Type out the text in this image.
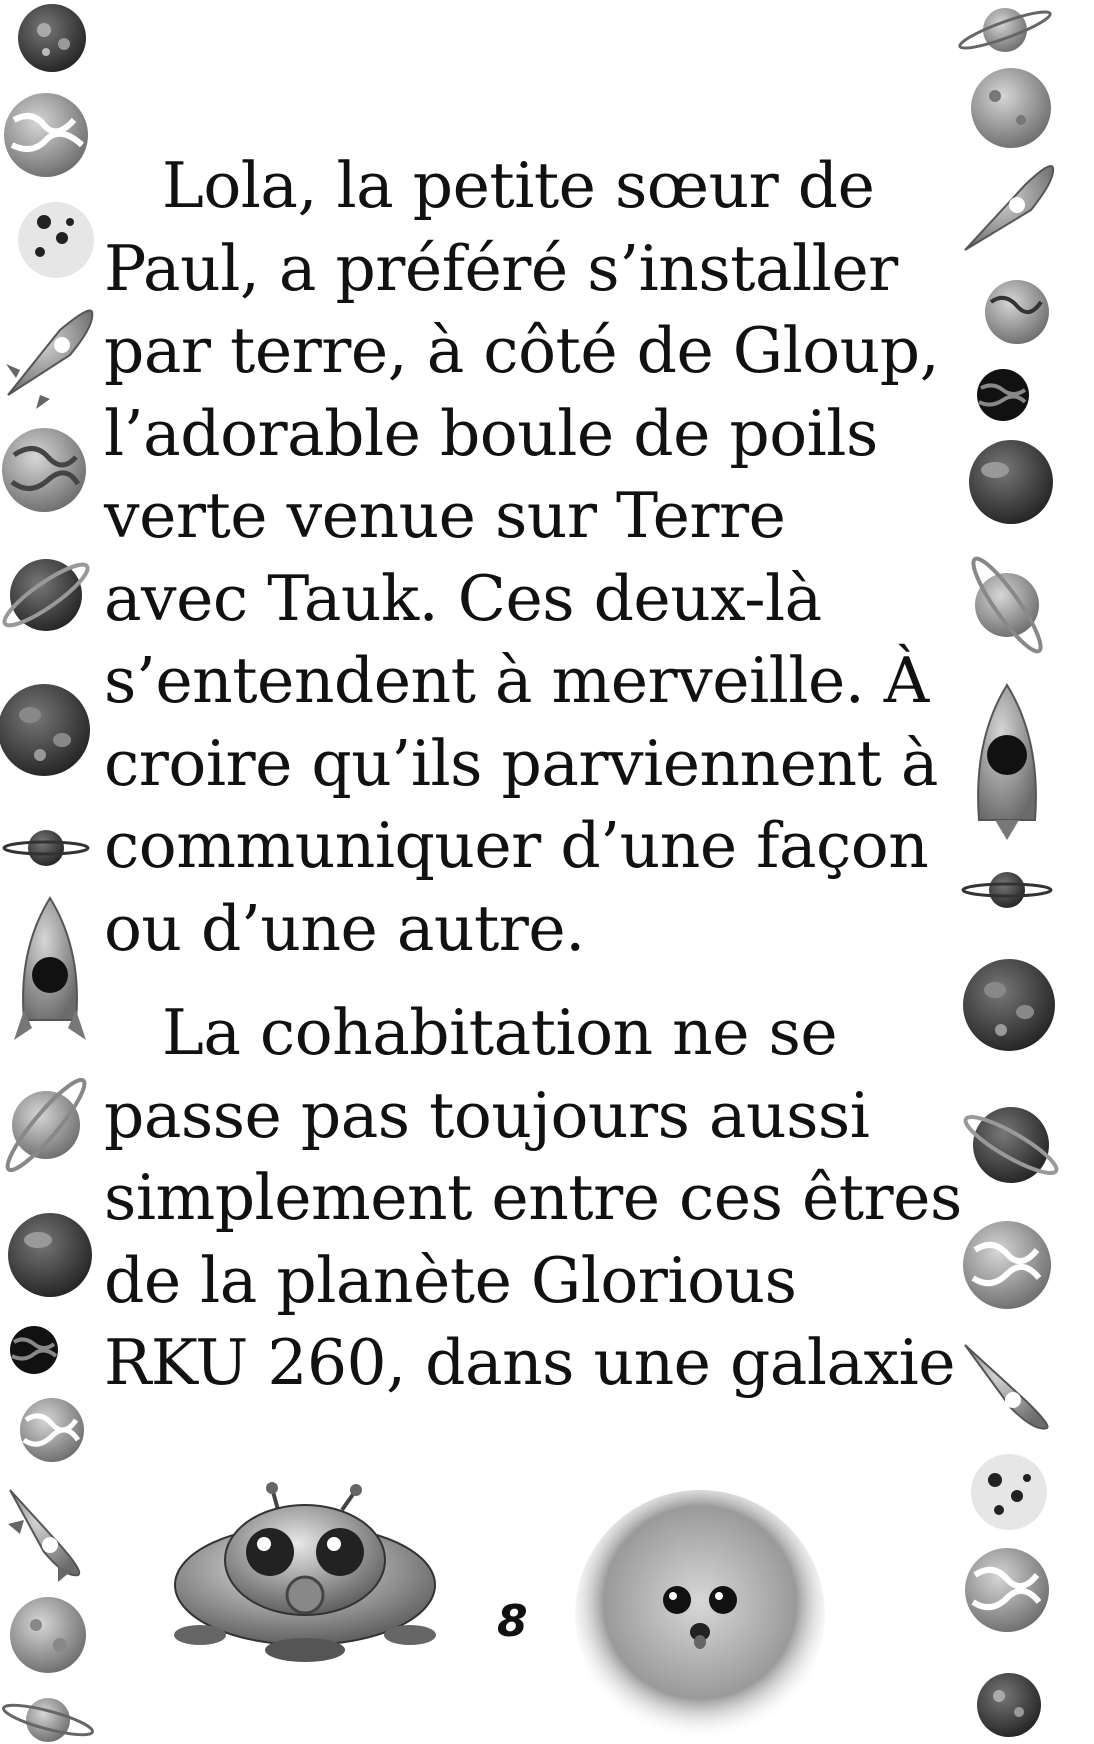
Lola, la petite sœur de
Paul, a préféré s’installer
par terre, à côté de Gloup,
l’adorable boule de poils
verte venue sur Terre
avec Tauk. Ces deux-là
s’entendent à merveille. À
croire qu’ils parviennent à
communiquer d’une façon
ou d’une autre.

La cohabitation ne se
passe pas toujours aussi
simplement entre ces êtres
de la planète Glorious
RKU 260, dans une galaxie

8
